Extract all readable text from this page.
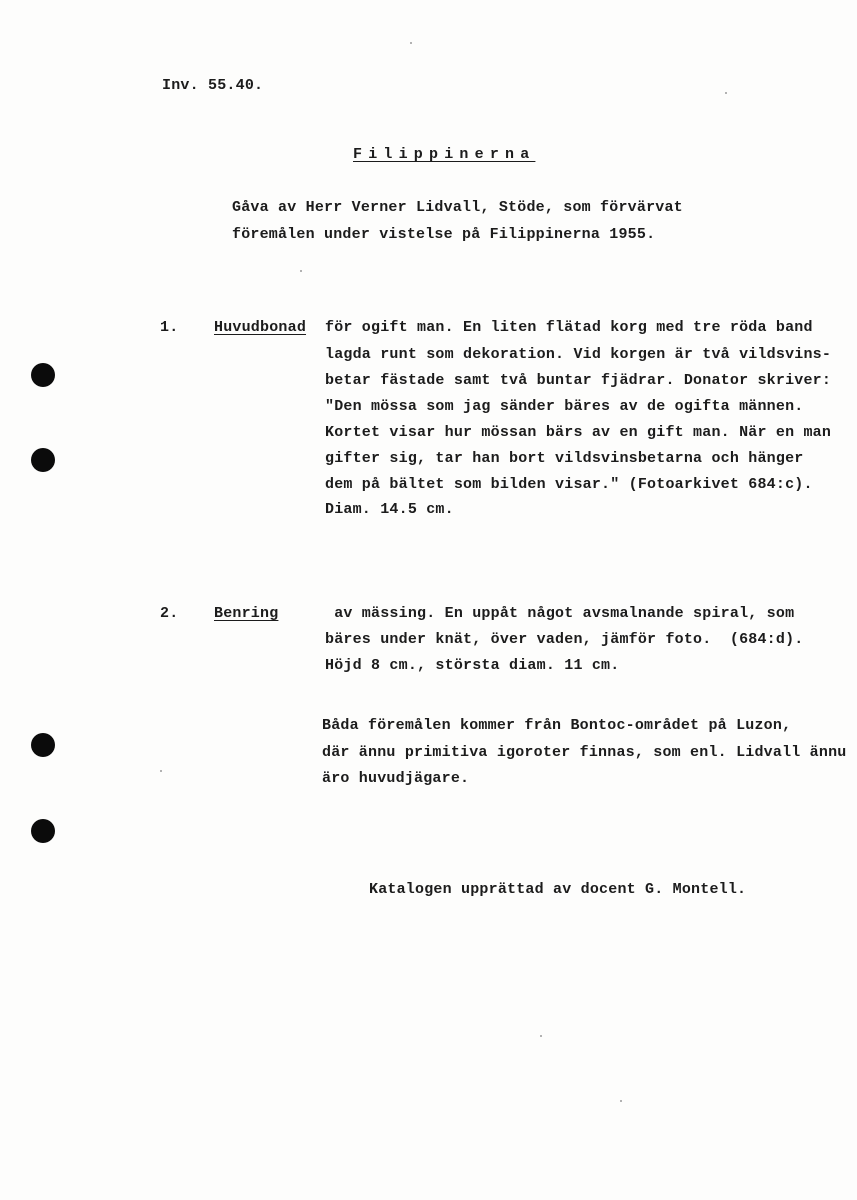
Inv. 55.40.
Filippinerna
Gåva av Herr Verner Lidvall, Stöde, som förvärvat
föremålen under vistelse på Filippinerna 1955.
1. Huvudbonad för ogift man. En liten flätad korg med tre röda band
lagda runt som dekoration. Vid korgen är två vildsvins-
betar fästade samt två buntar fjädrar. Donator skriver:
"Den mössa som jag sänder bäres av de ogifta männen.
Kortet visar hur mössan bärs av en gift man. När en man
gifter sig, tar han bort vildsvinsbetarna och hänger
dem på bältet som bilden visar." (Fotoarkivet 684:c).
Diam. 14.5 cm.
2. Benring	av mässing. En uppåt något avsmalnande spiral, som
bäres under knät, över vaden, jämför foto.  (684:d).
Höjd 8 cm., största diam. 11 cm.
Båda föremålen kommer från Bontoc-området på Luzon,
där ännu primitiva igoroter finnas, som enl. Lidvall ännu
äro huvudjägare.
Katalogen upprättad av docent G. Montell.
